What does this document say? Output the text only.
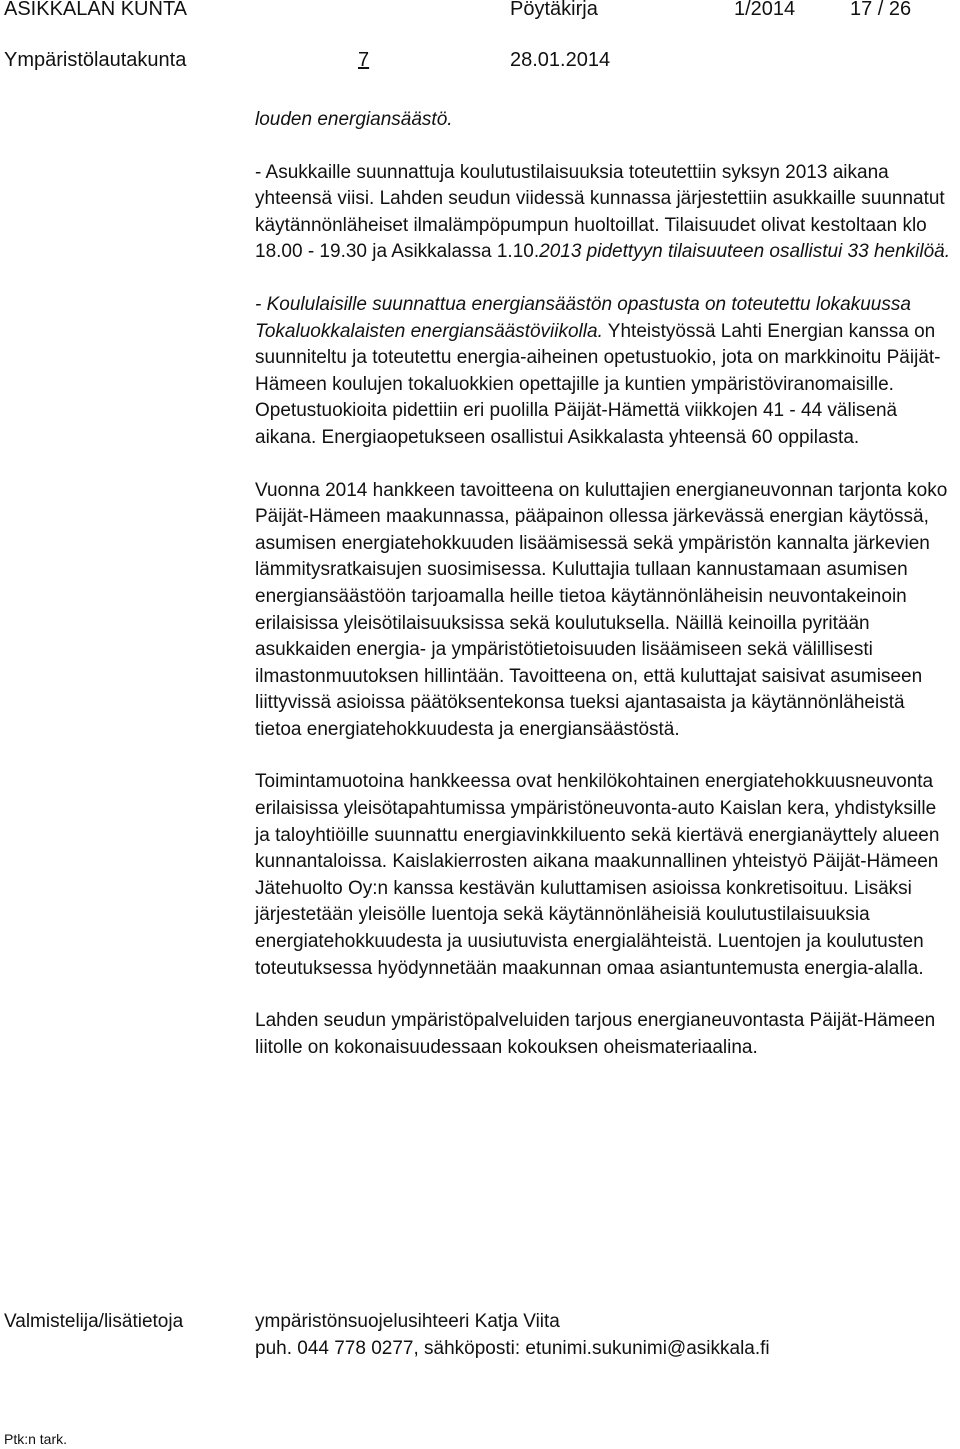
ASIKKALAN KUNTA	Pöytäkirja	1/2014	17 / 26
Ympäristölautakunta	7	28.01.2014

louden energiansäästö.

- Asukkaille suunnattuja koulutustilaisuuksia toteutettiin syksyn 2013 aikana yhteensä viisi. Lahden seudun viidessä kunnassa järjestettiin asukkaille suunnatut käytännönläheiset ilmalämpöpumpun huoltoillat. Tilaisuudet olivat kestoltaan klo 18.00 - 19.30 ja Asikkalassa 1.10.2013 pidettyyn tilaisuuteen osallistui 33 henkilöä.

- Koululaisille suunnattua energiansäästön opastusta on toteutettu lokakuussa Tokaluokkalaisten energiansäästöviikolla. Yhteistyössä Lahti Energian kanssa on suunniteltu ja toteutettu energia-aiheinen opetustuokio, jota on markkinoitu Päijät-Hämeen koulujen tokaluokkien opettajille ja kuntien ympäristöviranomaisille. Opetustuokioita pidettiin eri puolilla Päijät-Hämettä viikkojen 41 - 44 välisenä aikana. Energiaopetukseen osallistui Asikkalasta yhteensä 60 oppilasta.

Vuonna 2014 hankkeen tavoitteena on kuluttajien energianeuvonnan tarjonta koko Päijät-Hämeen maakunnassa, pääpainon ollessa järkevässä energian käytössä, asumisen energiatehokkuuden lisäämisessä sekä ympäristön kannalta järkevien lämmitysratkaisujen suosimisessa. Kuluttajia tullaan kannustamaan asumisen energiansäästöön tarjoamalla heille tietoa käytännönläheisin neuvontakeinoin erilaisissa yleisötilaisuuksissa sekä koulutuksella. Näillä keinoilla pyritään asukkaiden energia- ja ympäristötietoisuuden lisäämiseen sekä välillisesti ilmastonmuutoksen hillintään. Tavoitteena on, että kuluttajat saisivat asumiseen liittyvissä asioissa päätöksentekonsa tueksi ajantasaista ja käytännönläheistä tietoa energiatehokkuudesta ja energiansäästöstä.

Toimintamuotoina hankkeessa ovat henkilökohtainen energiatehokkuusneuvonta erilaisissa yleisötapahtumissa ympäristöneuvonta-auto Kaislan kera, yhdistyksille ja taloyhtiöille suunnattu energiavinkkiluento sekä kiertävä energianäyttely alueen kunnantaloissa. Kaislakierrosten aikana maakunnallinen yhteistyö Päijät-Hämeen Jätehuolto Oy:n kanssa kestävän kuluttamisen asioissa konkretisoituu. Lisäksi järjestetään yleisölle luentoja sekä käytännönläheisiä koulutustilaisuuksia energiatehokkuudesta ja uusiutuvista energialähteistä. Luentojen ja koulutusten toteutuksessa hyödynnetään maakunnan omaa asiantuntemusta energia-alalla.

Lahden seudun ympäristöpalveluiden tarjous energianeuvontasta Päijät-Hämeen liitolle on kokonaisuudessaan kokouksen oheismateriaalina.

Valmistelija/lisätietoja	ympäristönsuojelusihteeri Katja Viita
puh. 044 778 0277, sähköposti: etunimi.sukunimi@asikkala.fi
Ptk:n tark.
